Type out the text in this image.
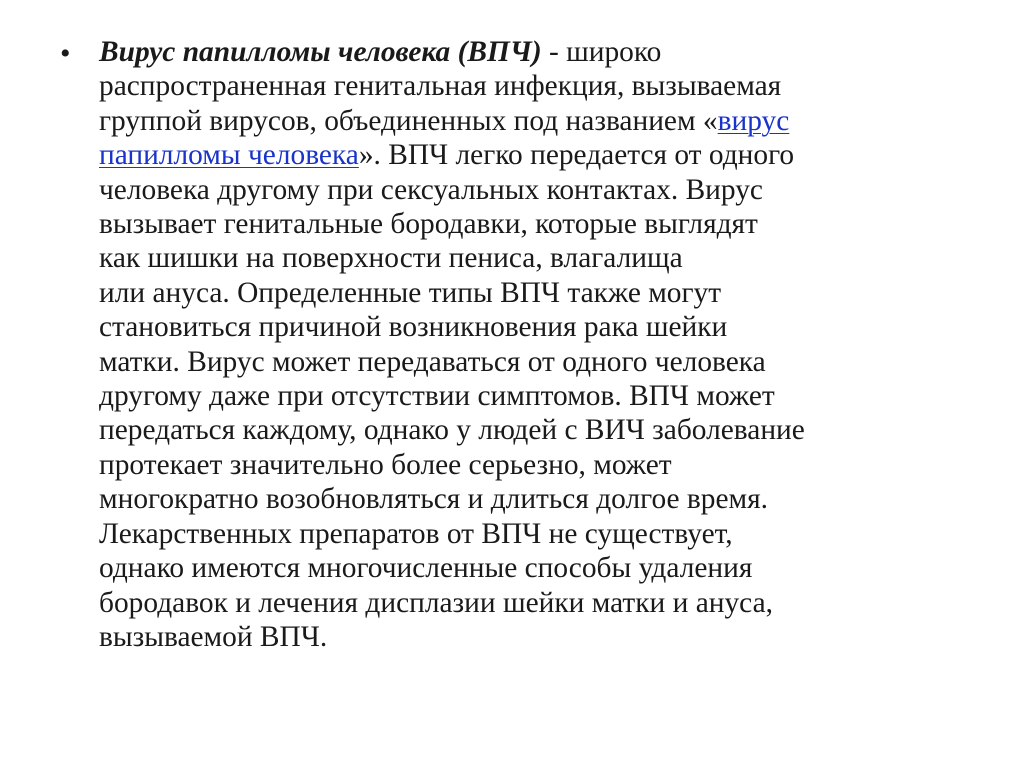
• Вирус папилломы человека (ВПЧ) - широко
распространенная генитальная инфекция, вызываемая
группой вирусов, объединенных под названием «вирус
папилломы человека». ВПЧ легко передается от одного
человека другому при сексуальных контактах. Вирус
вызывает генитальные бородавки, которые выглядят
как шишки на поверхности пениса, влагалища
или ануса. Определенные типы ВПЧ также могут
становиться причиной возникновения рака шейки
матки. Вирус может передаваться от одного человека
другому даже при отсутствии симптомов. ВПЧ может
передаться каждому, однако у людей с ВИЧ заболевание
протекает значительно более серьезно, может
многократно возобновляться и длиться долгое время.
Лекарственных препаратов от ВПЧ не существует,
однако имеются многочисленные способы удаления
бородавок и лечения дисплазии шейки матки и ануса,
вызываемой ВПЧ.
